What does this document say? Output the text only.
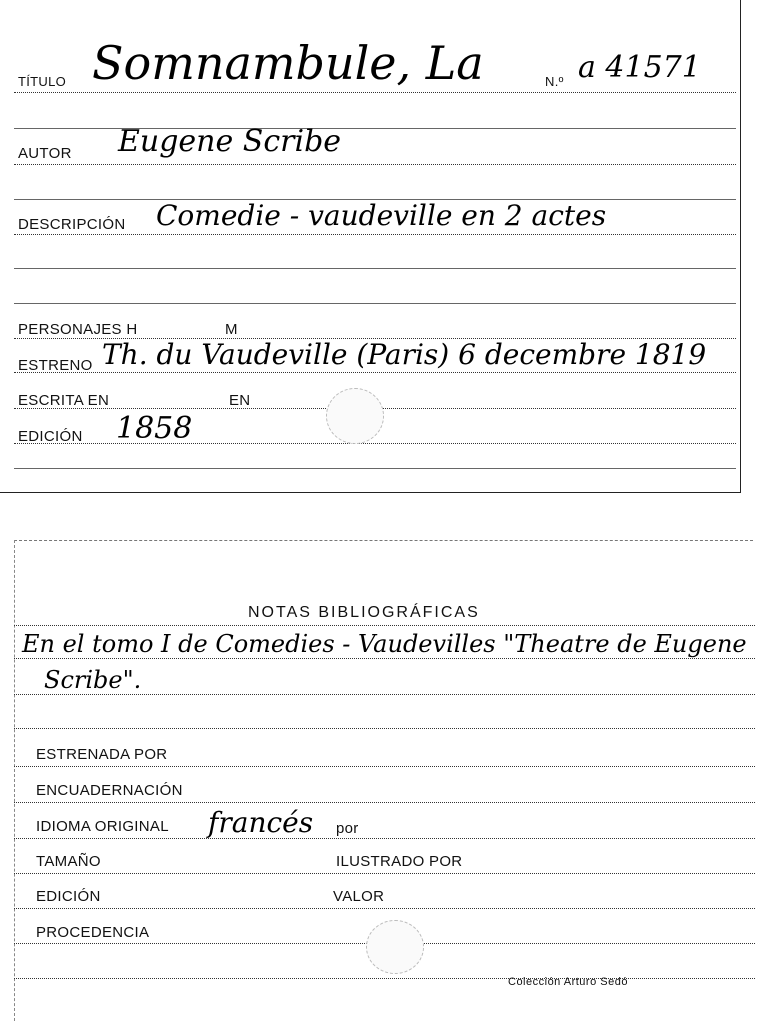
TÍTULO Somnambule, La	N.º a 41571
AUTOR Eugene Scribe
DESCRIPCIÓN Comedie - vaudeville en 2 actes
PERSONAJES H	M
ESTRENO Th. du Vaudeville (Paris) 6 decembre 1819
ESCRITA EN	EN
EDICIÓN 1858
NOTAS BIBLIOGRÁFICAS
En el tomo I de Comedies - Vaudevilles "Theatre de Eugene
Scribe".
ESTRENADA POR
ENCUADERNACIÓN
IDIOMA ORIGINAL francés por
TAMAÑO	ILUSTRADO POR
EDICIÓN	VALOR
PROCEDENCIA
Colección Arturo Sedó
